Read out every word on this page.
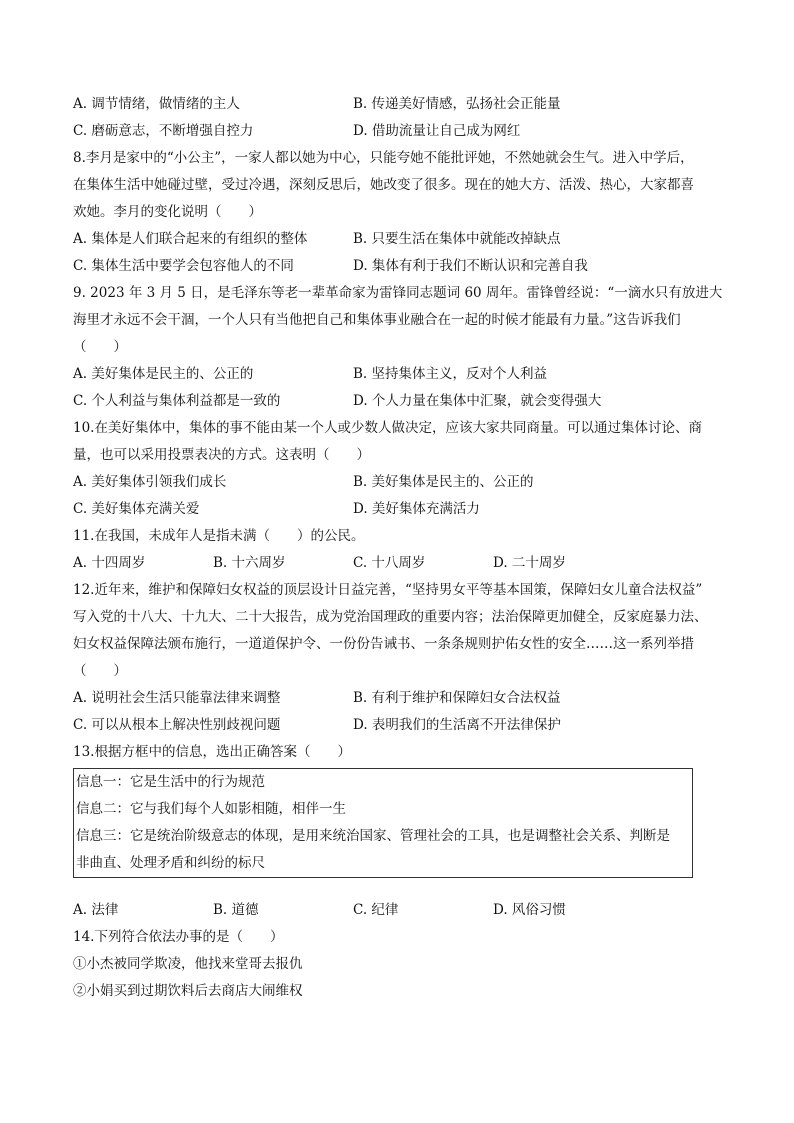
A. 调节情绪，做情绪的主人	B. 传递美好情感，弘扬社会正能量
C. 磨砺意志，不断增强自控力	D. 借助流量让自己成为网红
8.李月是家中的“小公主”，一家人都以她为中心，只能夸她不能批评她，不然她就会生气。进入中学后，
在集体生活中她碰过壁，受过冷遇，深刻反思后，她改变了很多。现在的她大方、活泼、热心，大家都喜
欢她。李月的变化说明（　　）
A. 集体是人们联合起来的有组织的整体	B. 只要生活在集体中就能改掉缺点
C. 集体生活中要学会包容他人的不同	D. 集体有利于我们不断认识和完善自我
9. 2023 年 3 月 5 日，是毛泽东等老一辈革命家为雷锋同志题词 60 周年。雷锋曾经说：“一滴水只有放进大
海里才永远不会干涸，一个人只有当他把自己和集体事业融合在一起的时候才能最有力量。”这告诉我们
（　　）
A. 美好集体是民主的、公正的	B. 坚持集体主义，反对个人利益
C. 个人利益与集体利益都是一致的	D. 个人力量在集体中汇聚，就会变得强大
10.在美好集体中，集体的事不能由某一个人或少数人做决定，应该大家共同商量。可以通过集体讨论、商
量，也可以采用投票表决的方式。这表明（　　）
A. 美好集体引领我们成长	B. 美好集体是民主的、公正的
C. 美好集体充满关爱	D. 美好集体充满活力
11.在我国，未成年人是指未满（　　）的公民。
A. 十四周岁	B. 十六周岁	C. 十八周岁	D. 二十周岁
12.近年来，维护和保障妇女权益的顶层设计日益完善，“坚持男女平等基本国策，保障妇女儿童合法权益”
写入党的十八大、十九大、二十大报告，成为党治国理政的重要内容；法治保障更加健全，反家庭暴力法、
妇女权益保障法颁布施行，一道道保护令、一份份告诫书、一条条规则护佑女性的安全……这一系列举措
（　　）
A. 说明社会生活只能靠法律来调整	B. 有利于维护和保障妇女合法权益
C. 可以从根本上解决性别歧视问题	D. 表明我们的生活离不开法律保护
13.根据方框中的信息，选出正确答案（　　）
信息一：它是生活中的行为规范
信息二：它与我们每个人如影相随，相伴一生
信息三：它是统治阶级意志的体现，是用来统治国家、管理社会的工具，也是调整社会关系、判断是
非曲直、处理矛盾和纠纷的标尺
A. 法律	B. 道德	C. 纪律	D. 风俗习惯
14.下列符合依法办事的是（　　）
①小杰被同学欺凌，他找来堂哥去报仇
②小娟买到过期饮料后去商店大闹维权
